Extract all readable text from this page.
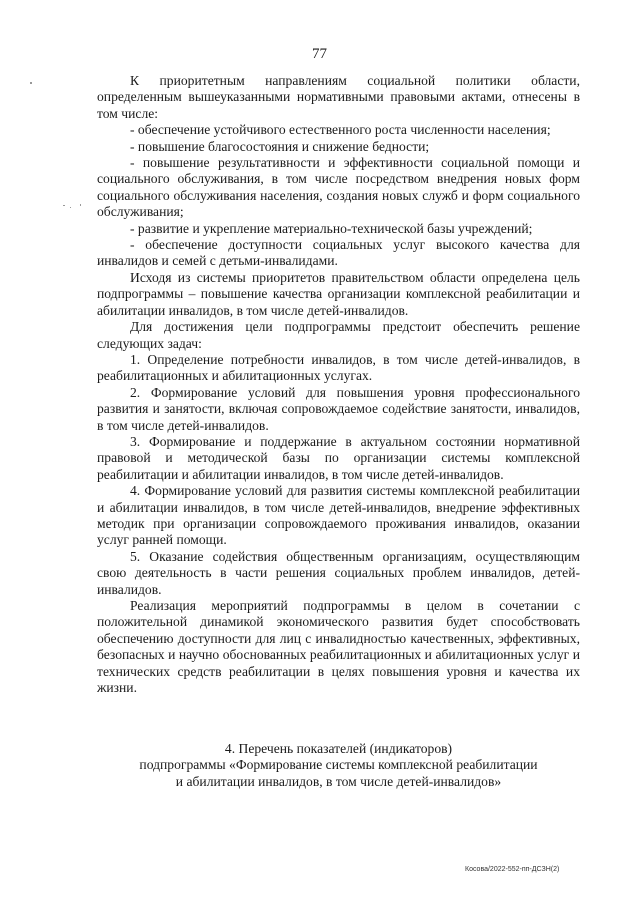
77

К приоритетным направлениям социальной политики области, определенным вышеуказанными нормативными правовыми актами, отнесены в том числе:

- обеспечение устойчивого естественного роста численности населения;

- повышение благосостояния и снижение бедности;

- повышение результативности и эффективности социальной помощи и социального обслуживания, в том числе посредством внедрения новых форм социального обслуживания населения, создания новых служб и форм социального обслуживания;

- развитие и укрепление материально-технической базы учреждений;

- обеспечение доступности социальных услуг высокого качества для инвалидов и семей с детьми-инвалидами.

Исходя из системы приоритетов правительством области определена цель подпрограммы – повышение качества организации комплексной реабилитации и абилитации инвалидов, в том числе детей-инвалидов.

Для достижения цели подпрограммы предстоит обеспечить решение следующих задач:

1. Определение потребности инвалидов, в том числе детей-инвалидов, в реабилитационных и абилитационных услугах.

2. Формирование условий для повышения уровня профессионального развития и занятости, включая сопровождаемое содействие занятости, инвалидов, в том числе детей-инвалидов.

3. Формирование и поддержание в актуальном состоянии нормативной правовой и методической базы по организации системы комплексной реабилитации и абилитации инвалидов, в том числе детей-инвалидов.

4. Формирование условий для развития системы комплексной реабилитации и абилитации инвалидов, в том числе детей-инвалидов, внедрение эффективных методик при организации сопровождаемого проживания инвалидов, оказании услуг ранней помощи.

5. Оказание содействия общественным организациям, осуществляющим свою деятельность в части решения социальных проблем инвалидов, детей-инвалидов.

Реализация мероприятий подпрограммы в целом в сочетании с положительной динамикой экономического развития будет способствовать обеспечению доступности для лиц с инвалидностью качественных, эффективных, безопасных и научно обоснованных реабилитационных и абилитационных услуг и технических средств реабилитации в целях повышения уровня и качества их жизни.

4. Перечень показателей (индикаторов)
подпрограммы «Формирование системы комплексной реабилитации
и абилитации инвалидов, в том числе детей-инвалидов»
Косова/2022-552-пп-ДСЗН(2)
